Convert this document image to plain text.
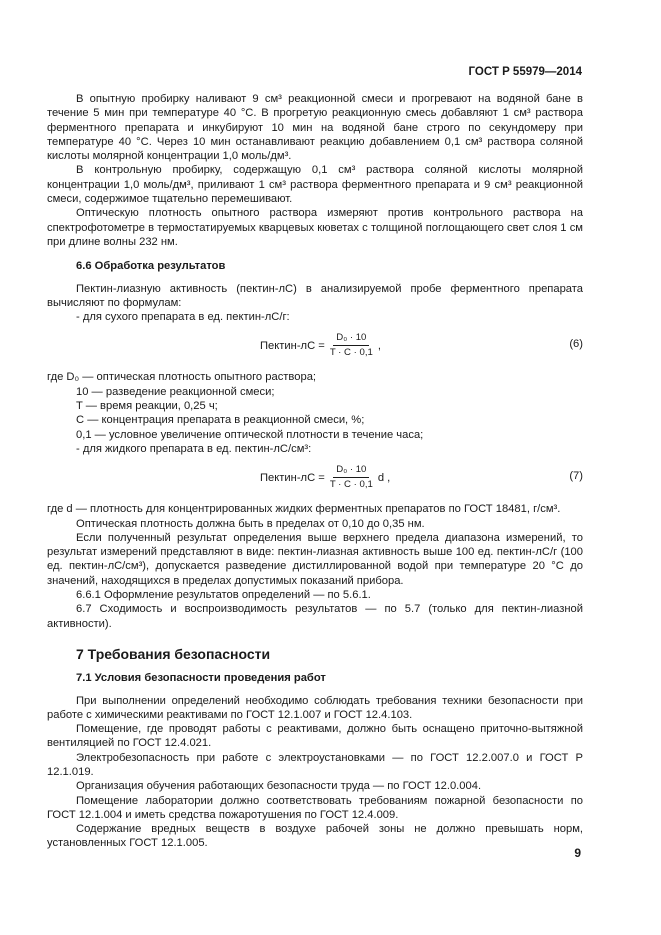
ГОСТ Р 55979—2014

В опытную пробирку наливают 9 см³ реакционной смеси и прогревают на водяной бане в течение 5 мин при температуре 40 °С. В прогретую реакционную смесь добавляют 1 см³ раствора ферментного препарата и инкубируют 10 мин на водяной бане строго по секундомеру при температуре 40 °С. Через 10 мин останавливают реакцию добавлением 0,1 см³ раствора соляной кислоты молярной концентрации 1,0 моль/дм³.

В контрольную пробирку, содержащую 0,1 см³ раствора соляной кислоты молярной концентрации 1,0 моль/дм³, приливают 1 см³ раствора ферментного препарата и 9 см³ реакционной смеси, содержимое тщательно перемешивают.

Оптическую плотность опытного раствора измеряют против контрольного раствора на спектрофотометре в термостатируемых кварцевых кюветах с толщиной поглощающего свет слоя 1 см при длине волны 232 нм.

6.6 Обработка результатов

Пектин-лиазную активность (пектин-лС) в анализируемой пробе ферментного препарата вычисляют по формулам:

- для сухого препарата в ед. пектин-лС/г:

Пектин-лС = $\frac{\text{D₀ · 10}}{T \cdot C \cdot 0,1}$ ,	(6)

где D₀ — оптическая плотность опытного раствора;

10 — разведение реакционной смеси;

T — время реакции, 0,25 ч;

C — концентрация препарата в реакционной смеси, %;

0,1 — условное увеличение оптической плотности в течение часа;

- для жидкого препарата в ед. пектин-лС/см³:

Пектин-лС = $\frac{\text{D₀ · 10}}{T \cdot C \cdot 0,1}$ d ,	(7)

где d — плотность для концентрированных жидких ферментных препаратов по ГОСТ 18481, г/см³.

Оптическая плотность должна быть в пределах от 0,10 до 0,35 нм.

Если полученный результат определения выше верхнего предела диапазона измерений, то результат измерений представляют в виде: пектин-лиазная активность выше 100 ед. пектин-лС/г (100 ед. пектин-лС/см³), допускается разведение дистиллированной водой при температуре 20 °С до значений, находящихся в пределах допустимых показаний прибора.

6.6.1 Оформление результатов определений — по 5.6.1.

6.7 Сходимость и воспроизводимость результатов — по 5.7 (только для пектин-лиазной активности).

7 Требования безопасности

7.1 Условия безопасности проведения работ

При выполнении определений необходимо соблюдать требования техники безопасности при работе с химическими реактивами по ГОСТ 12.1.007 и ГОСТ 12.4.103.

Помещение, где проводят работы с реактивами, должно быть оснащено приточно-вытяжной вентиляцией по ГОСТ 12.4.021.

Электробезопасность при работе с электроустановками — по ГОСТ 12.2.007.0 и ГОСТ Р 12.1.019.

Организация обучения работающих безопасности труда — по ГОСТ 12.0.004.

Помещение лаборатории должно соответствовать требованиям пожарной безопасности по ГОСТ 12.1.004 и иметь средства пожаротушения по ГОСТ 12.4.009.

Содержание вредных веществ в воздухе рабочей зоны не должно превышать норм, установленных ГОСТ 12.1.005.

9
